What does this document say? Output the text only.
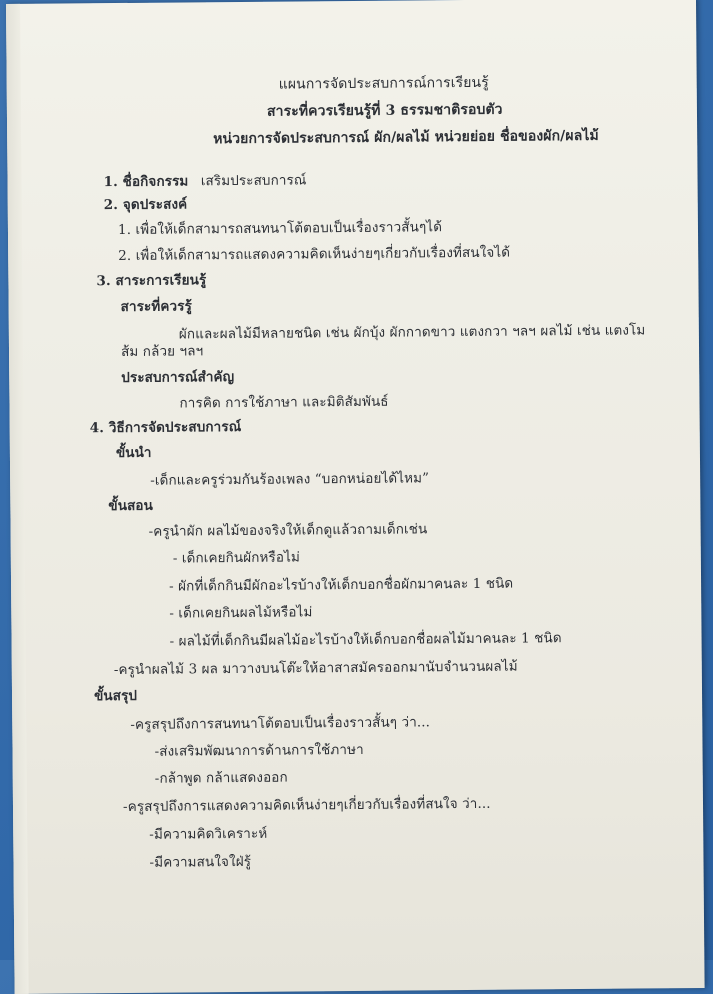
แผนการจัดประสบการณ์การเรียนรู้
สาระที่ควรเรียนรู้ที่ 3 ธรรมชาติรอบตัว
หน่วยการจัดประสบการณ์ ผัก/ผลไม้ หน่วยย่อย ชื่อของผัก/ผลไม้
1. ชื่อกิจกรรม เสริมประสบการณ์
2. จุดประสงค์
1. เพื่อให้เด็กสามารถสนทนาโต้ตอบเป็นเรื่องราวสั้นๆได้
2. เพื่อให้เด็กสามารถแสดงความคิดเห็นง่ายๆเกี่ยวกับเรื่องที่สนใจได้
3. สาระการเรียนรู้
สาระที่ควรรู้
ผักและผลไม้มีหลายชนิด เช่น ผักบุ้ง ผักกาดขาว แตงกวา ฯลฯ ผลไม้ เช่น แตงโม
ส้ม กล้วย ฯลฯ
ประสบการณ์สำคัญ
การคิด การใช้ภาษา และมิติสัมพันธ์
4. วิธีการจัดประสบการณ์
ขั้นนำ
-เด็กและครูร่วมกันร้องเพลง “บอกหน่อยได้ไหม”
ขั้นสอน
-ครูนำผัก ผลไม้ของจริงให้เด็กดูแล้วถามเด็กเช่น
- เด็กเคยกินผักหรือไม่
- ผักที่เด็กกินมีผักอะไรบ้างให้เด็กบอกชื่อผักมาคนละ 1 ชนิด
- เด็กเคยกินผลไม้หรือไม่
- ผลไม้ที่เด็กกินมีผลไม้อะไรบ้างให้เด็กบอกชื่อผลไม้มาคนละ 1 ชนิด
-ครูนำผลไม้ 3 ผล มาวางบนโต๊ะให้อาสาสมัครออกมานับจำนวนผลไม้
ขั้นสรุป
-ครูสรุปถึงการสนทนาโต้ตอบเป็นเรื่องราวสั้นๆ ว่า...
-ส่งเสริมพัฒนาการด้านการใช้ภาษา
-กล้าพูด กล้าแสดงออก
-ครูสรุปถึงการแสดงความคิดเห็นง่ายๆเกี่ยวกับเรื่องที่สนใจ ว่า...
-มีความคิดวิเคราะห์
-มีความสนใจใฝ่รู้
